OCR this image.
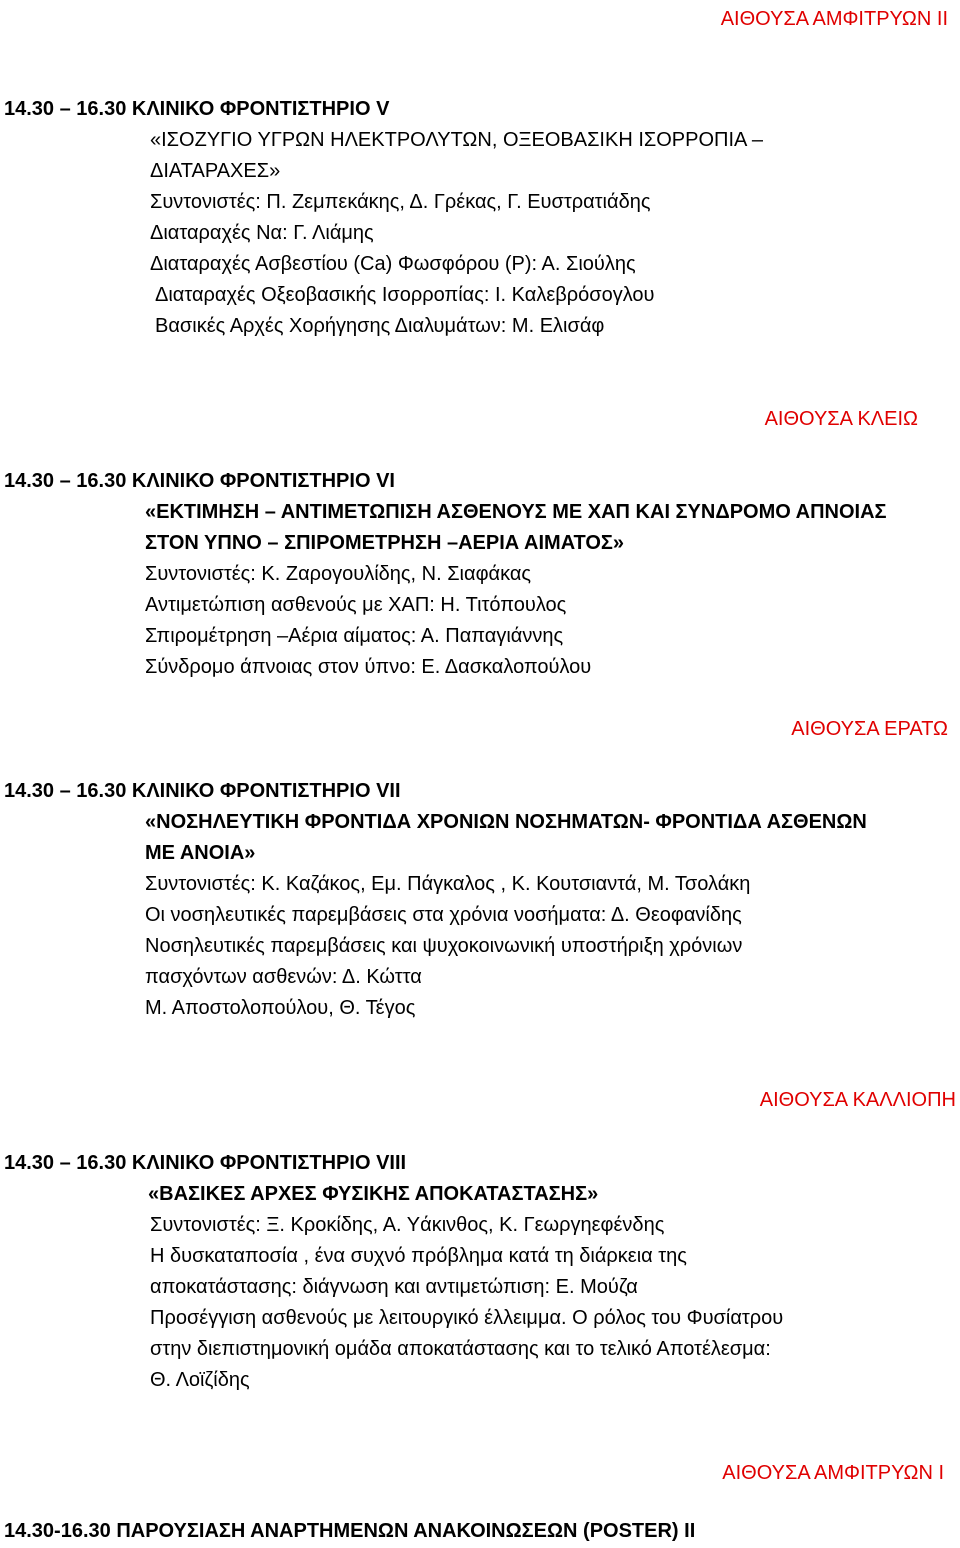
ΑΙΘΟΥΣΑ ΑΜΦΙΤΡΥΩΝ ΙΙ
14.30 – 16.30 ΚΛΙΝΙΚΟ ΦΡΟΝΤΙΣΤΗΡΙΟ V
«ΙΣΟΖΥΓΙΟ ΥΓΡΩΝ ΗΛΕΚΤΡΟΛΥΤΩΝ, ΟΞΕΟΒΑΣΙΚΗ ΙΣΟΡΡΟΠΙΑ –
ΔΙΑΤΑΡΑΧΕΣ»
Συντονιστές: Π. Ζεμπεκάκης, Δ. Γρέκας, Γ. Ευστρατιάδης
Διαταραχές Να: Γ. Λιάμης
Διαταραχές Ασβεστίου (Ca) Φωσφόρου (P): Α. Σιούλης
Διαταραχές Οξεοβασικής Ισορροπίας: Ι. Καλεβρόσογλου
Βασικές Αρχές Χορήγησης Διαλυμάτων: Μ. Ελισάφ
ΑΙΘΟΥΣΑ ΚΛΕΙΩ
14.30 – 16.30 ΚΛΙΝΙΚΟ ΦΡΟΝΤΙΣΤΗΡΙΟ VI
«ΕΚΤΙΜΗΣΗ – ΑΝΤΙΜΕΤΩΠΙΣΗ ΑΣΘΕΝΟΥΣ ΜΕ ΧΑΠ ΚΑΙ ΣΥΝΔΡΟΜΟ ΑΠΝΟΙΑΣ
ΣΤΟΝ ΥΠΝΟ – ΣΠΙΡΟΜΕΤΡΗΣΗ –ΑΕΡΙΑ ΑΙΜΑΤΟΣ»
Συντονιστές: Κ. Ζαρογουλίδης, Ν. Σιαφάκας
Αντιμετώπιση ασθενούς με ΧΑΠ: Η. Τιτόπουλος
Σπιρομέτρηση –Αέρια αίματος: Α. Παπαγιάννης
Σύνδρομο άπνοιας στον ύπνο: Ε. Δασκαλοπούλου
ΑΙΘΟΥΣΑ ΕΡΑΤΩ
14.30 – 16.30 ΚΛΙΝΙΚΟ ΦΡΟΝΤΙΣΤΗΡΙΟ VII
«ΝΟΣΗΛΕΥΤΙΚΗ ΦΡΟΝΤΙΔΑ ΧΡΟΝΙΩΝ ΝΟΣΗΜΑΤΩΝ- ΦΡΟΝΤΙΔΑ ΑΣΘΕΝΩΝ
ΜΕ ΑΝΟΙΑ»
Συντονιστές: Κ. Καζάκος, Εμ. Πάγκαλος , Κ. Κουτσιαντά, Μ. Τσολάκη
Οι νοσηλευτικές παρεμβάσεις στα χρόνια νοσήματα: Δ. Θεοφανίδης
Νοσηλευτικές παρεμβάσεις και ψυχοκοινωνική υποστήριξη χρόνιων
πασχόντων ασθενών: Δ. Κώττα
Μ. Αποστολοπούλου, Θ. Τέγος
ΑΙΘΟΥΣΑ ΚΑΛΛΙΟΠΗ
14.30 – 16.30 ΚΛΙΝΙΚΟ ΦΡΟΝΤΙΣΤΗΡΙΟ VIII
«ΒΑΣΙΚΕΣ ΑΡΧΕΣ ΦΥΣΙΚΗΣ ΑΠΟΚΑΤΑΣΤΑΣΗΣ»
Συντονιστές: Ξ. Κροκίδης, Α. Υάκινθος, Κ. Γεωργηεφένδης
Η δυσκαταποσία , ένα συχνό πρόβλημα κατά τη διάρκεια της
αποκατάστασης: διάγνωση και αντιμετώπιση: Ε. Μούζα
Προσέγγιση ασθενούς με λειτουργικό έλλειμμα. Ο ρόλος του Φυσίατρου
στην διεπιστημονική ομάδα αποκατάστασης και το τελικό Αποτέλεσμα:
Θ. Λοϊζίδης
ΑΙΘΟΥΣΑ ΑΜΦΙΤΡΥΩΝ Ι
14.30-16.30 ΠΑΡΟΥΣΙΑΣΗ ΑΝΑΡΤΗΜΕΝΩΝ ΑΝΑΚΟΙΝΩΣΕΩΝ (POSTER) ΙΙ
